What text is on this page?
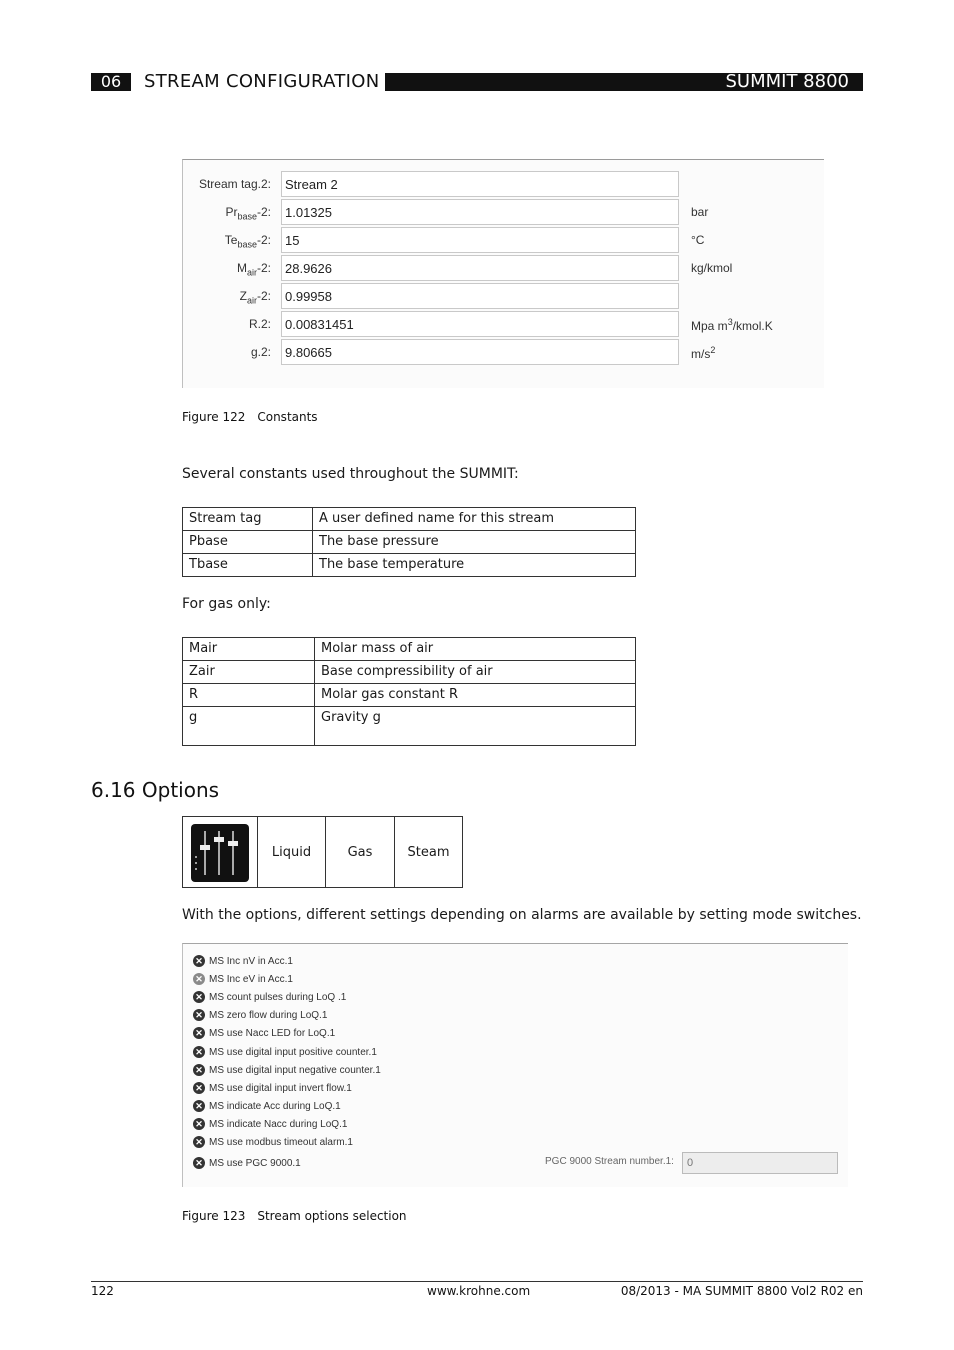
06	STREAM CONFIGURATION	SUMMIT 8800
Stream tag.2:	Stream 2
$Pr_{base}-2$:	1.01325	bar
$Te_{base}-2$:	15	°C
$M_{air}-2$:	28.9626	kg/kmol
$Z_{air}-2$:	0.99958
R.2:	0.00831451	Mpa $m^3/kmol.K$
g.2:	9.80665	$m/s^2$
Figure 122 Constants
Several constants used throughout the SUMMIT:
Stream tag	A user defined name for this stream
Pbase	The base pressure
Tbase	The base temperature
For gas only:
Mair	Molar mass of air
Zair	Base compressibility of air
R	Molar gas constant R
g	Gravity g
6.16 Options
Liquid	Gas	Steam
With the options, different settings depending on alarms are available by setting mode switches.
✕ MS Inc nV in Acc.1
✕ MS Inc eV in Acc.1
✕ MS count pulses during LoQ .1
✕ MS zero flow during LoQ.1
✕ MS use Nacc LED for LoQ.1
✕ MS use digital input positive counter.1
✕ MS use digital input negative counter.1
✕ MS use digital input invert flow.1
✕ MS indicate Acc during LoQ.1
✕ MS indicate Nacc during LoQ.1
✕ MS use modbus timeout alarm.1
✕ MS use PGC 9000.1	PGC 9000 Stream number.1:	0
Figure 123 Stream options selection
122	www.krohne.com	08/2013 - MA SUMMIT 8800 Vol2 R02 en
